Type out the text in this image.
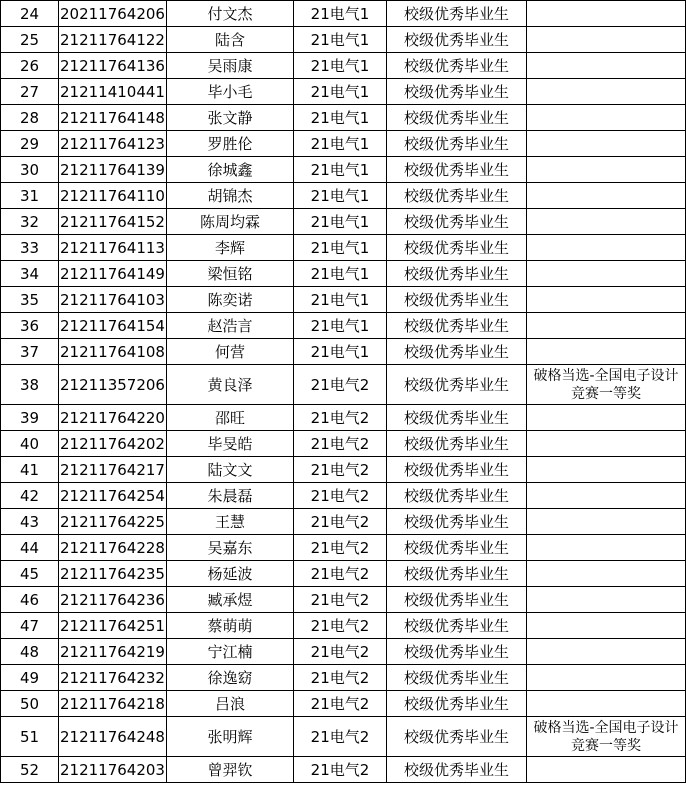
24	20211764206	付文杰	21电气1	校级优秀毕业生	
25	21211764122	陆含	21电气1	校级优秀毕业生	
26	21211764136	吴雨康	21电气1	校级优秀毕业生	
27	21211410441	毕小毛	21电气1	校级优秀毕业生	
28	21211764148	张文静	21电气1	校级优秀毕业生	
29	21211764123	罗胜伦	21电气1	校级优秀毕业生	
30	21211764139	徐城鑫	21电气1	校级优秀毕业生	
31	21211764110	胡锦杰	21电气1	校级优秀毕业生	
32	21211764152	陈周均霖	21电气1	校级优秀毕业生	
33	21211764113	李辉	21电气1	校级优秀毕业生	
34	21211764149	梁恒铭	21电气1	校级优秀毕业生	
35	21211764103	陈奕诺	21电气1	校级优秀毕业生	
36	21211764154	赵浩言	21电气1	校级优秀毕业生	
37	21211764108	何营	21电气1	校级优秀毕业生	
38	21211357206	黄良泽	21电气2	校级优秀毕业生	破格当选-全国电子设计竞赛一等奖
39	21211764220	邵旺	21电气2	校级优秀毕业生	
40	21211764202	毕旻皓	21电气2	校级优秀毕业生	
41	21211764217	陆文文	21电气2	校级优秀毕业生	
42	21211764254	朱晨磊	21电气2	校级优秀毕业生	
43	21211764225	王慧	21电气2	校级优秀毕业生	
44	21211764228	吴嘉东	21电气2	校级优秀毕业生	
45	21211764235	杨延波	21电气2	校级优秀毕业生	
46	21211764236	臧承煜	21电气2	校级优秀毕业生	
47	21211764251	蔡萌萌	21电气2	校级优秀毕业生	
48	21211764219	宁江楠	21电气2	校级优秀毕业生	
49	21211764232	徐逸窈	21电气2	校级优秀毕业生	
50	21211764218	吕浪	21电气2	校级优秀毕业生	
51	21211764248	张明辉	21电气2	校级优秀毕业生	破格当选-全国电子设计竞赛一等奖
52	21211764203	曾羿钦	21电气2	校级优秀毕业生	
